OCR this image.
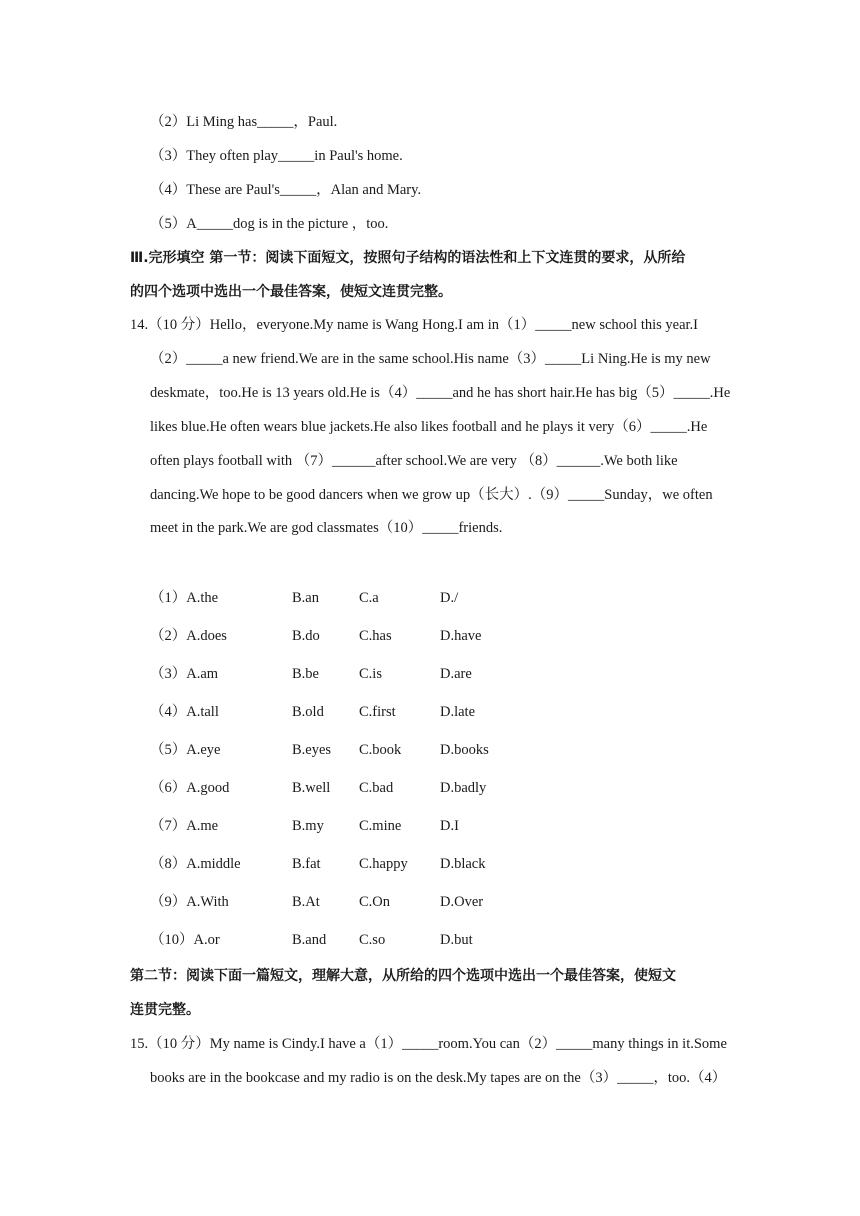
（2）Li Ming has_____，Paul.
（3）They often play_____in Paul's home.
（4）These are Paul's_____，Alan and Mary.
（5）A_____dog is in the picture ，too.
Ⅲ.完形填空 第一节：阅读下面短文，按照句子结构的语法性和上下文连贯的要求，从所给
的四个选项中选出一个最佳答案，使短文连贯完整。
14.（10 分）Hello，everyone.My name is Wang Hong.I am in（1）_____new school this year.I
（2）_____a new friend.We are in the same school.His name（3）_____Li Ning.He is my new
deskmate，too.He is 13 years old.He is（4）_____and he has short hair.He has big（5）_____.He
likes blue.He often wears blue jackets.He also likes football and he plays it very（6）_____.He
often plays football with （7）______after school.We are very （8）______.We both like
dancing.We hope to be good dancers when we grow up（长大）.（9）_____Sunday，we often
meet in the park.We are god classmates（10）_____friends.
（1）A.the	B.an	C.a	D./
（2）A.does	B.do	C.has	D.have
（3）A.am	B.be	C.is	D.are
（4）A.tall	B.old C.first	D.late
（5）A.eye	B.eyes C.book	D.books
（6）A.good	B.well C.bad	D.badly
（7）A.me	B.my C.mine	D.I
（8）A.middle	B.fat	C.happy D.black
（9）A.With	B.At	C.On	D.Over
（10）A.or	B.and C.so	D.but
第二节：阅读下面一篇短文，理解大意，从所给的四个选项中选出一个最佳答案，使短文
连贯完整。
15.（10 分）My name is Cindy.I have a（1）_____room.You can（2）_____many things in it.Some
books are in the bookcase and my radio is on the desk.My tapes are on the（3）_____，too.（4）
